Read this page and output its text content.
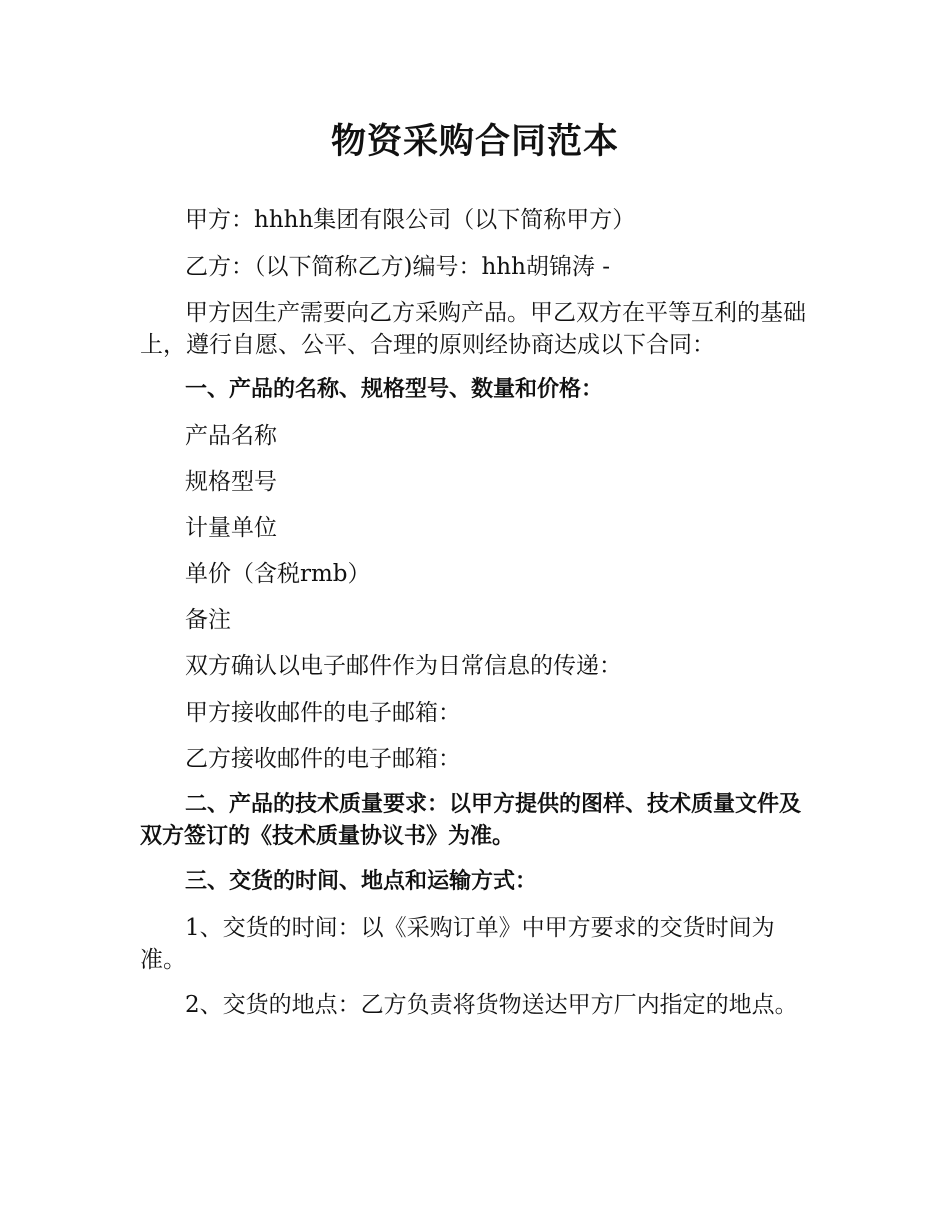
物资采购合同范本

甲方：hhhh集团有限公司（以下简称甲方）

乙方：（以下简称乙方)编号：hhh胡锦涛 -

甲方因生产需要向乙方采购产品。甲乙双方在平等互利的基础上，遵行自愿、公平、合理的原则经协商达成以下合同：

一、产品的名称、规格型号、数量和价格：

产品名称

规格型号

计量单位

单价（含税rmb）

备注

双方确认以电子邮件作为日常信息的传递：

甲方接收邮件的电子邮箱：

乙方接收邮件的电子邮箱：

二、产品的技术质量要求：以甲方提供的图样、技术质量文件及双方签订的《技术质量协议书》为准。

三、交货的时间、地点和运输方式：

1、交货的时间：以《采购订单》中甲方要求的交货时间为准。

2、交货的地点：乙方负责将货物送达甲方厂内指定的地点。
